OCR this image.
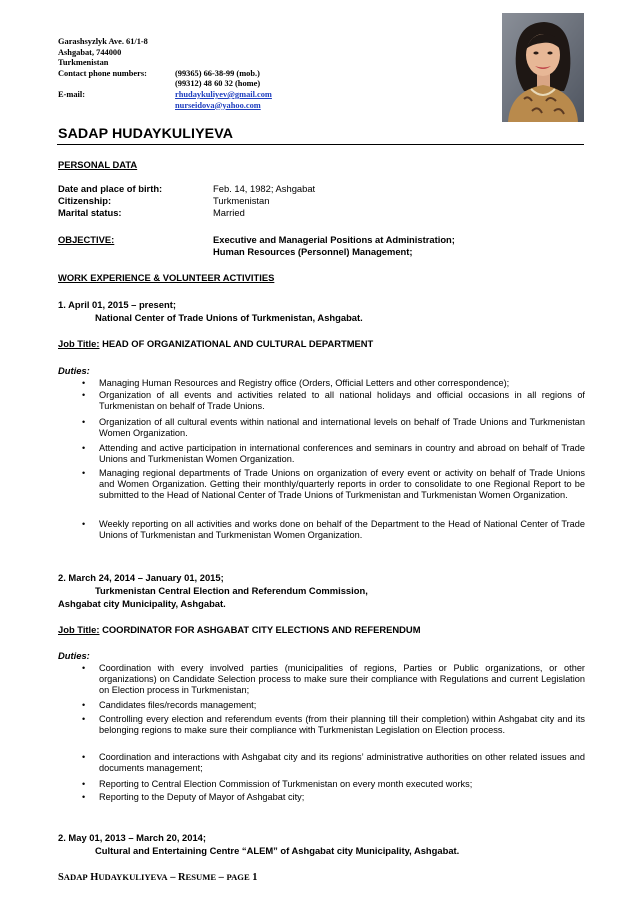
Garashsyzlyk Ave. 61/1-8
Ashgabat, 744000
Turkmenistan
Contact phone numbers:	(99365) 66-38-99 (mob.)
(99312) 48 60 32 (home)
E-mail:	rhudaykuliyev@gmail.com
nurseidova@yahoo.com
SADAP HUDAYKULIYEVA
PERSONAL DATA
Date and place of birth:	Feb. 14, 1982; Ashgabat
Citizenship:	Turkmenistan
Marital status:	Married
OBJECTIVE:	Executive and Managerial Positions at Administration;
Human Resources (Personnel) Management;
WORK EXPERIENCE & VOLUNTEER ACTIVITIES
1. April 01, 2015 – present;
National Center of Trade Unions of Turkmenistan, Ashgabat.
Job Title: HEAD OF ORGANIZATIONAL AND CULTURAL DEPARTMENT
Duties:
• Managing Human Resources and Registry office (Orders, Official Letters and other correspondence);
• Organization of all events and activities related to all national holidays and official occasions in all regions of Turkmenistan on behalf of Trade Unions.
• Organization of all cultural events within national and international levels on behalf of Trade Unions and Turkmenistan Women Organization.
• Attending and active participation in international conferences and seminars in country and abroad on behalf of Trade Unions and Turkmenistan Women Organization.
• Managing regional departments of Trade Unions on organization of every event or activity on behalf of Trade Unions and Women Organization. Getting their monthly/quarterly reports in order to consolidate to one Regional Report to be submitted to the Head of National Center of Trade Unions of Turkmenistan and Turkmenistan Women Organization.
• Weekly reporting on all activities and works done on behalf of the Department to the Head of National Center of Trade Unions of Turkmenistan and Turkmenistan Women Organization.
2. March 24, 2014 – January 01, 2015;
Turkmenistan Central Election and Referendum Commission,
Ashgabat city Municipality, Ashgabat.
Job Title: COORDINATOR FOR ASHGABAT CITY ELECTIONS AND REFERENDUM
Duties:
• Coordination with every involved parties (municipalities of regions, Parties or Public organizations, or other organizations) on Candidate Selection process to make sure their compliance with Regulations and current Legislation on Election process in Turkmenistan;
• Candidates files/records management;
• Controlling every election and referendum events (from their planning till their completion) within Ashgabat city and its belonging regions to make sure their compliance with Turkmenistan Legislation on Election process.
• Coordination and interactions with Ashgabat city and its regions’ administrative authorities on other related issues and documents management;
• Reporting to Central Election Commission of Turkmenistan on every month executed works;
• Reporting to the Deputy of Mayor of Ashgabat city;
2. May 01, 2013 – March 20, 2014;
Cultural and Entertaining Centre “ALEM” of Ashgabat city Municipality, Ashgabat.
SADAP HUDAYKULIYEVA – RESUME – PAGE 1
